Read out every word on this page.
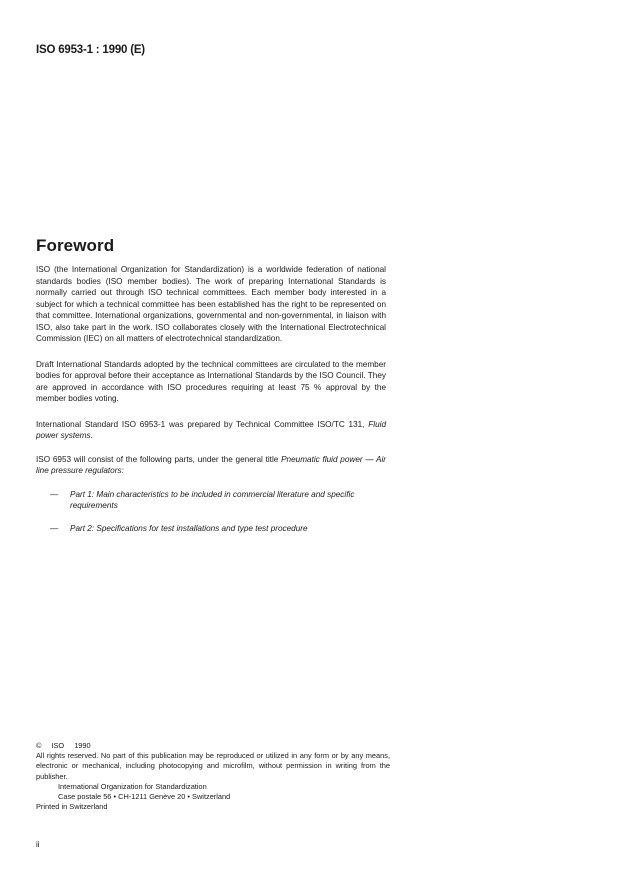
ISO 6953-1 : 1990 (E)
Foreword

ISO (the International Organization for Standardization) is a worldwide federation of national standards bodies (ISO member bodies). The work of preparing International Standards is normally carried out through ISO technical committees. Each member body interested in a subject for which a technical committee has been established has the right to be represented on that committee. International organizations, governmental and non-governmental, in liaison with ISO, also take part in the work. ISO collaborates closely with the International Electrotechnical Commission (IEC) on all matters of electrotechnical standardization.

Draft International Standards adopted by the technical committees are circulated to the member bodies for approval before their acceptance as International Standards by the ISO Council. They are approved in accordance with ISO procedures requiring at least 75 % approval by the member bodies voting.

International Standard ISO 6953-1 was prepared by Technical Committee ISO/TC 131, Fluid power systems.

ISO 6953 will consist of the following parts, under the general title Pneumatic fluid power — Air line pressure regulators:

—	Part 1: Main characteristics to be included in commercial literature and specific requirements
— Part 2: Specifications for test installations and type test procedure
© ISO 1990
All rights reserved. No part of this publication may be reproduced or utilized in any form or by any means, electronic or mechanical, including photocopying and microfilm, without permission in writing from the publisher.
International Organization for Standardization
Case postale 56 • CH-1211 Genève 20 • Switzerland
Printed in Switzerland
ii
